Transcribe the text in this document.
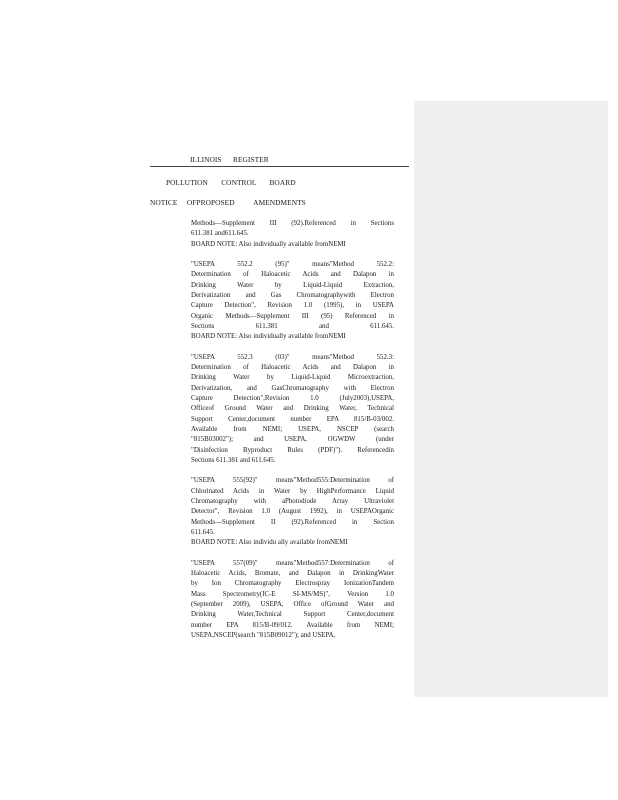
ILLINOIS      REGISTER
POLLUTION       CONTROL       BOARD
NOTICE     OFPROPOSED          AMENDMENTS
Methods—Supplement III (92).Referenced in Sections
611.381 and611.645.
BOARD NOTE: Also individually available fromNEMI
"USEPA 552.2 (95)" means"Method 552.2:
Determination of Haloacetic Acids and Dalapon in
Drinking Water by Liquid-Liquid Extraction,
Derivatization and Gas Chromatographywith Electron
Capture Detection", Revision 1.0 (1995), in USEPA
Organic Methods—Supplement III (95) Referenced in
Sections 611.381 and 611.645.
BOARD NOTE: Also individually available fromNEMI
"USEPA 552.3 (03)" means"Method 552.3:
Determination of Haloacetic Acids and Dalapon in
Drinking Water by Liquid-Liquid Microextraction,
Derivatization, and GasChromatography with Electron
Capture Detection",Revision 1.0 (July2003),USEPA,
Officeof Ground Water and Drinking Water, Technical
Support Center,document number EPA 815/B-03/002.
Available from NEMI; USEPA, NSCEP (search
"815B03002"); and USEPA, OGWDW (under
"Disinfection Byproduct Rules (PDF)"). Referencedin
Sections 611.381 and 611.645.
"USEPA 555(92)" means"Method555:Determination of
Chlorinated Acids in Water by HighPerformance Liquid
Chromatography with aPhotodiode Array Ultraviolet
Detector", Revision 1.0 (August 1992), in USEPAOrganic
Methods—Supplement II (92).Referenced in Section
611.645.
BOARD NOTE: Also individu ally available fromNEMI
"USEPA 557(09)" means"Method557:Determination of
Haloacetic Acids, Bromate, and Dalapon in DrinkingWater
by Ion Chromatography Electrospray IonizationTandem
Mass Spectrometry(IC-E SI-MS/MS)", Version 1.0
(September 2009), USEPA, Office ofGround Water and
Drinking Water,Technical Support Center,document
number EPA 815/B-09/012. Available from NEMI;
USEPA,NSCEP(search "815B09012"); and USEPA,
